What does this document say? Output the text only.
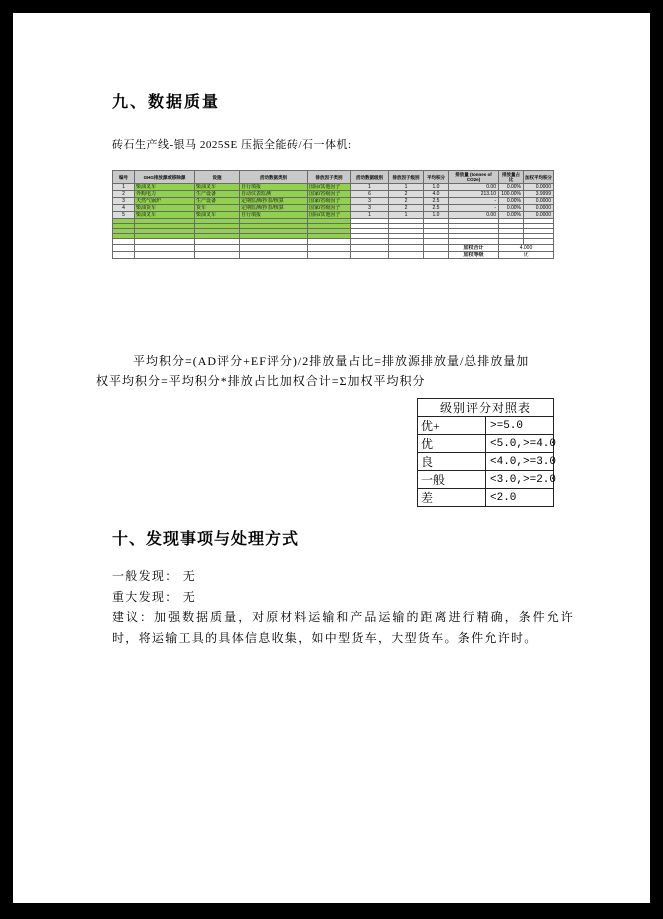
九、数据质量
砖石生产线-银马 2025SE 压振全能砖/石一体机:
编号	GHG排放源或移除源	设施	活动数据类别	排放因子类别	活动数据级别	排放因子级别	平均积分	排放量 (tonnes of CO2e)	排放量占比	加权平均积分
1	柴油叉车	柴油叉车	自行填报	国际/其他因子	1	1	1.0	0.00	0.00%	0.0000
2	外购电力	生产设备	自动仪表监测	国家/省级因子	6	2	4.0	213.10	100.00%	3.9999
3	天然气锅炉	生产设备	定期监测/抄表/核算	国家/省级因子	3	2	2.5	-	0.00%	0.0000
4	柴油货车	货车	定期监测/抄表/核算	国家/省级因子	3	2	2.5	-	0.00%	0.0000
5	柴油叉车	柴油叉车	自行填报	国际/其他因子	1	1	1.0	0.00	0.00%	0.0000

								加权合计	4.000	
								加权等级	优	
平均积分=(AD评分+EF评分)/2排放量占比=排放源排放量/总排放量加
权平均积分=平均积分*排放占比加权合计=Σ加权平均积分
级别评分对照表	
优+	>=5.0
优	<5.0,>=4.0
良	<4.0,>=3.0
一般	<3.0,>=2.0
差	<2.0
十、发现事项与处理方式

一般发现： 无

重大发现： 无

建议：加强数据质量，对原材料运输和产品运输的距离进行精确，条件允许时，将运输工具的具体信息收集，如中型货车，大型货车。条件允许时。
